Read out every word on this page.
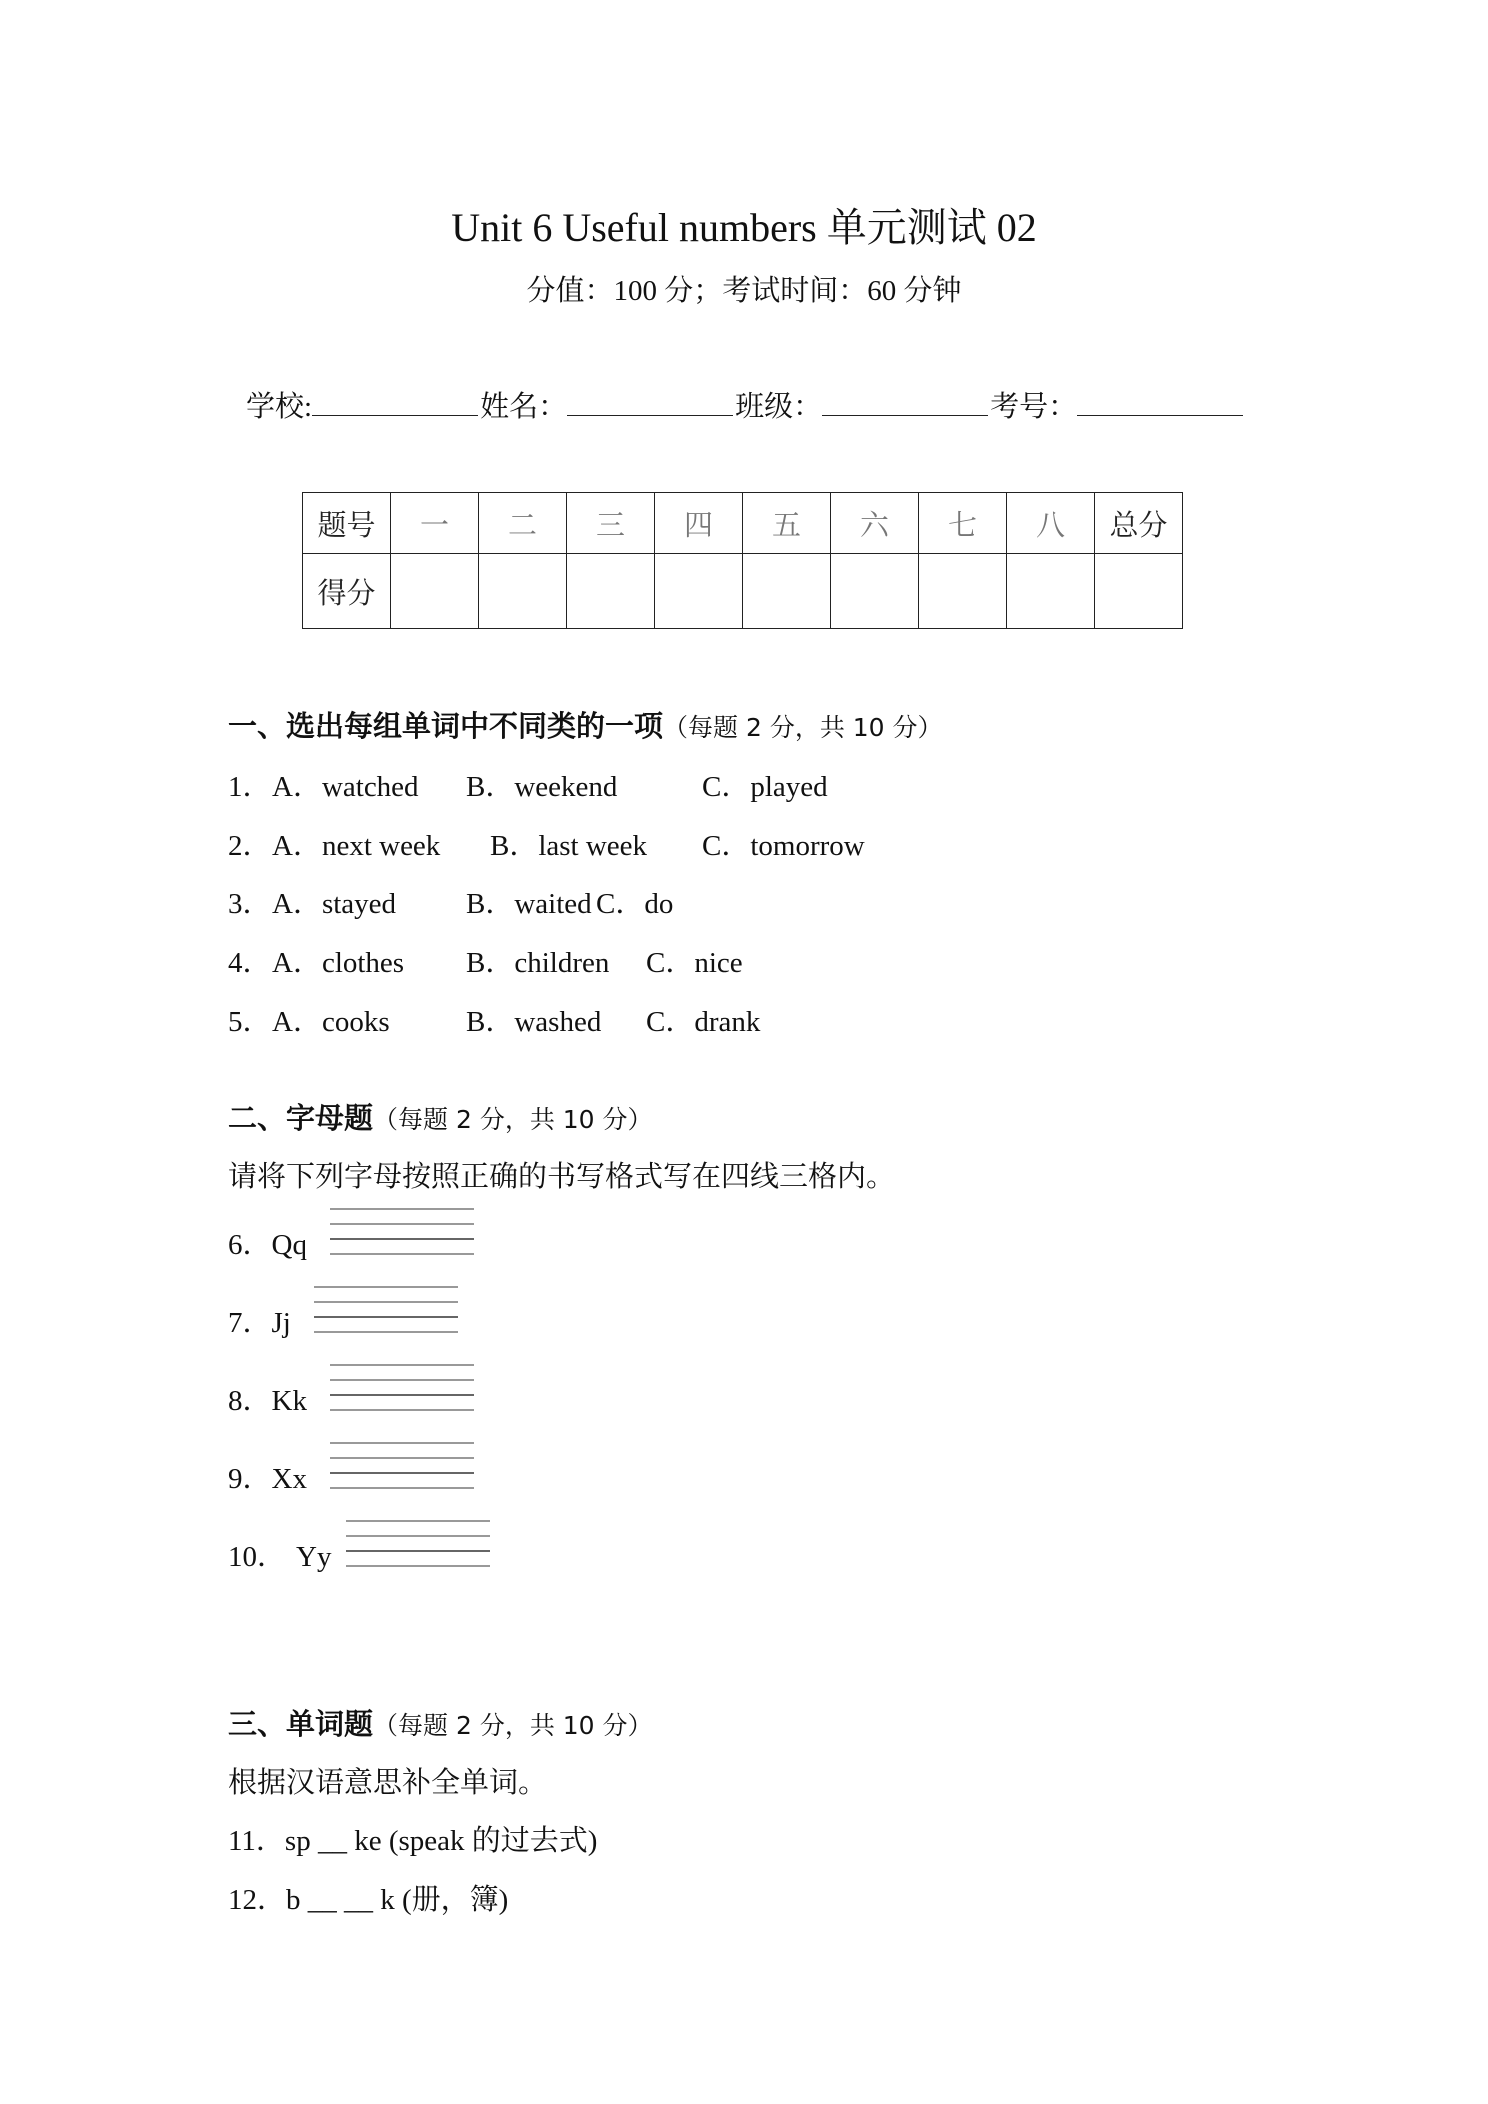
Unit 6 Useful numbers 单元测试 02
分值：100 分；考试时间：60 分钟
学校:	姓名：	班级：	考号：
题号	一	二	三	四	五	六	七	八	总分
得分									
一、选出每组单词中不同类的一项（每题 2 分，共 10 分）
1．A．watched B．weekend	C．played
2．A．next week B．last week C．tomorrow
3．A．stayed B．waited C．do
4．A．clothes B．children C．nice
5．A．cooks	B．washed C．drank
二、字母题（每题 2 分，共 10 分）
请将下列字母按照正确的书写格式写在四线三格内。
6．Qq
7．Jj
8．Kk
9．Xx
10． Yy
三、单词题（每题 2 分，共 10 分）
根据汉语意思补全单词。
11．sp __ ke (speak 的过去式)
12．b __ __ k (册，簿)
